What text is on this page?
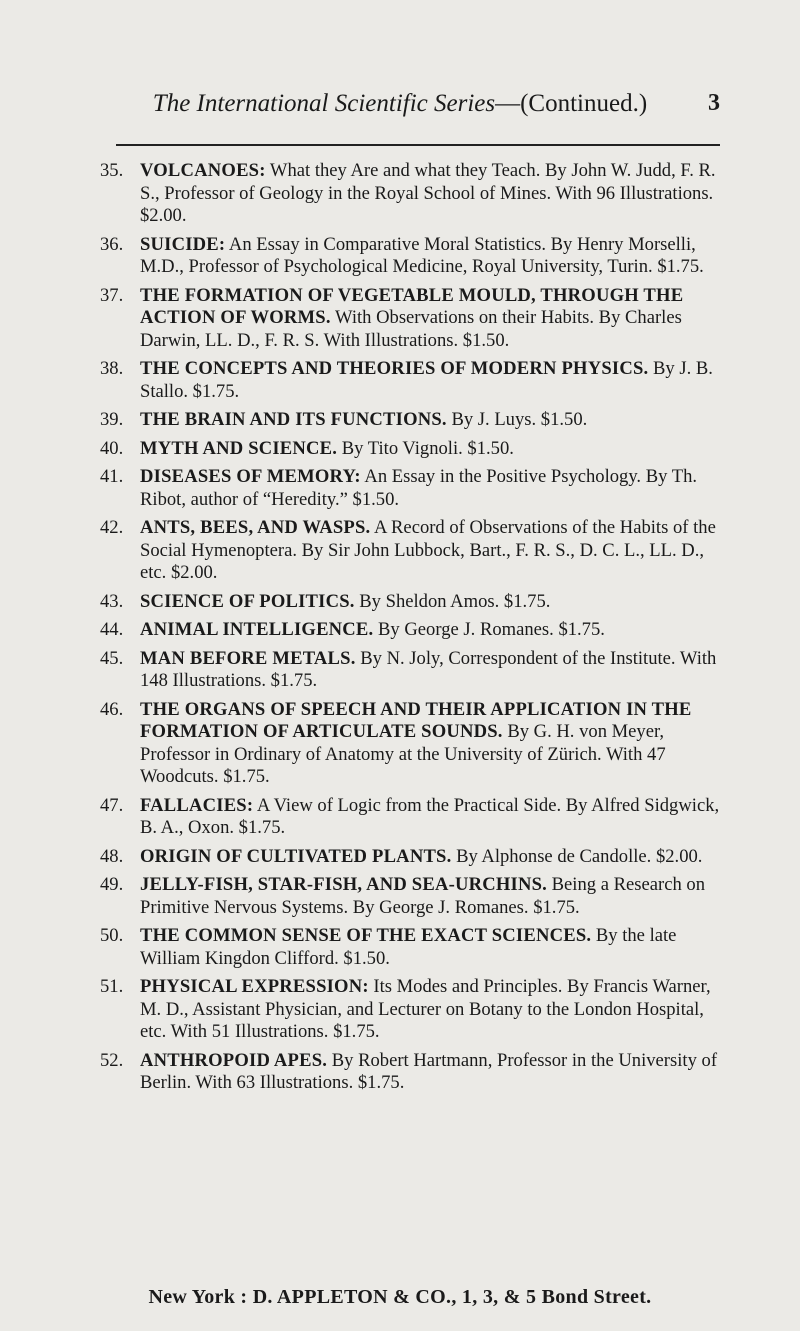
The International Scientific Series—(Continued.)	3
35. VOLCANOES: What they Are and what they Teach. By John W. Judd, F. R. S., Professor of Geology in the Royal School of Mines. With 96 Illustrations. $2.00.
36. SUICIDE: An Essay in Comparative Moral Statistics. By Henry Morselli, M.D., Professor of Psychological Medicine, Royal University, Turin. $1.75.
37. THE FORMATION OF VEGETABLE MOULD, THROUGH THE ACTION OF WORMS. With Observations on their Habits. By Charles Darwin, LL. D., F. R. S. With Illustrations. $1.50.
38. THE CONCEPTS AND THEORIES OF MODERN PHYSICS. By J. B. Stallo. $1.75.
39. THE BRAIN AND ITS FUNCTIONS. By J. Luys. $1.50.
40. MYTH AND SCIENCE. By Tito Vignoli. $1.50.
41. DISEASES OF MEMORY: An Essay in the Positive Psychology. By Th. Ribot, author of “Heredity.” $1.50.
42. ANTS, BEES, AND WASPS. A Record of Observations of the Habits of the Social Hymenoptera. By Sir John Lubbock, Bart., F. R. S., D. C. L., LL. D., etc. $2.00.
43. SCIENCE OF POLITICS. By Sheldon Amos. $1.75.
44. ANIMAL INTELLIGENCE. By George J. Romanes. $1.75.
45. MAN BEFORE METALS. By N. Joly, Correspondent of the Institute. With 148 Illustrations. $1.75.
46. THE ORGANS OF SPEECH AND THEIR APPLICATION IN THE FORMATION OF ARTICULATE SOUNDS. By G. H. von Meyer, Professor in Ordinary of Anatomy at the University of Zürich. With 47 Woodcuts. $1.75.
47. FALLACIES: A View of Logic from the Practical Side. By Alfred Sidgwick, B. A., Oxon. $1.75.
48. ORIGIN OF CULTIVATED PLANTS. By Alphonse de Candolle. $2.00.
49. JELLY-FISH, STAR-FISH, AND SEA-URCHINS. Being a Research on Primitive Nervous Systems. By George J. Romanes. $1.75.
50. THE COMMON SENSE OF THE EXACT SCIENCES. By the late William Kingdon Clifford. $1.50.
51. PHYSICAL EXPRESSION: Its Modes and Principles. By Francis Warner, M. D., Assistant Physician, and Lecturer on Botany to the London Hospital, etc. With 51 Illustrations. $1.75.
52. ANTHROPOID APES. By Robert Hartmann, Professor in the University of Berlin. With 63 Illustrations. $1.75.
New York : D. APPLETON & CO., 1, 3, & 5 Bond Street.
